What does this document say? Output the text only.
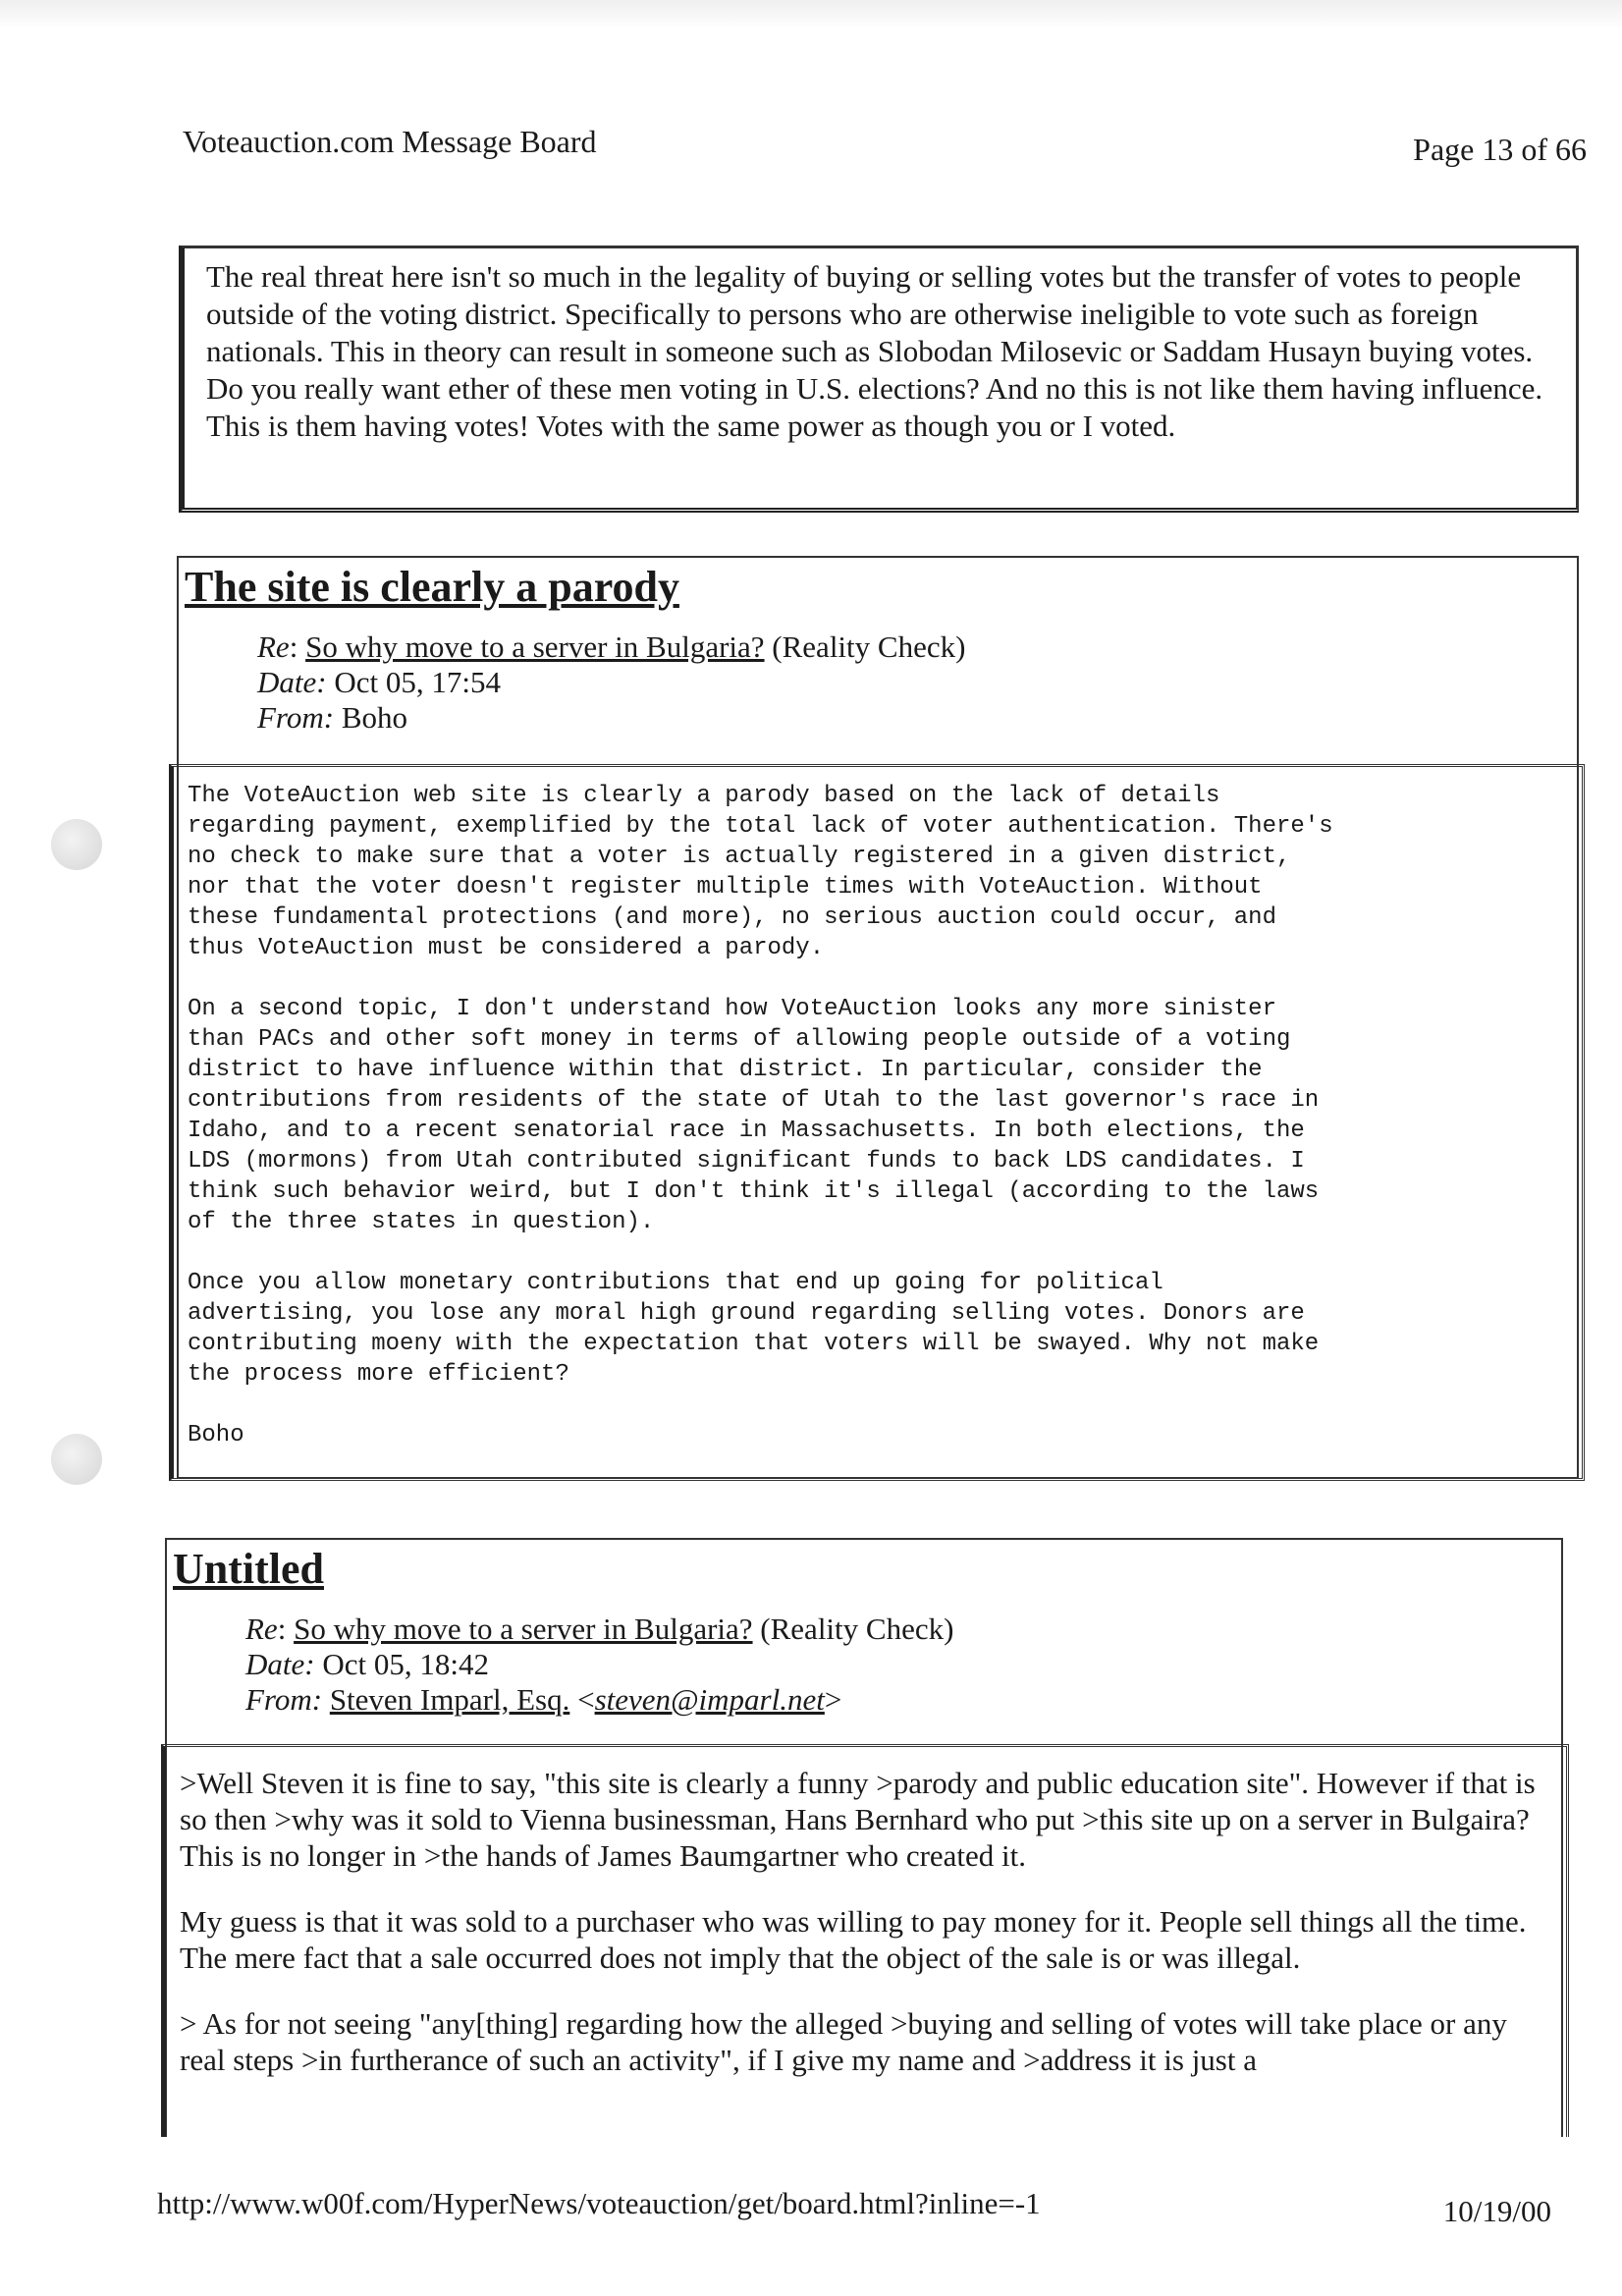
Voteauction.com Message Board	Page 13 of 66

The real threat here isn't so much in the legality of buying or selling votes but the transfer of votes to people outside of the voting district. Specifically to persons who are otherwise ineligible to vote such as foreign nationals. This in theory can result in someone such as Slobodan Milosevic or Saddam Husayn buying votes. Do you really want ether of these men voting in U.S. elections? And no this is not like them having influence. This is them having votes! Votes with the same power as though you or I voted.

The site is clearly a parody
Re: So why move to a server in Bulgaria? (Reality Check)
Date: Oct 05, 17:54
From: Boho

The VoteAuction web site is clearly a parody based on the lack of details
regarding payment, exemplified by the total lack of voter authentication. There's
no check to make sure that a voter is actually registered in a given district,
nor that the voter doesn't register multiple times with VoteAuction. Without
these fundamental protections (and more), no serious auction could occur, and
thus VoteAuction must be considered a parody.

On a second topic, I don't understand how VoteAuction looks any more sinister
than PACs and other soft money in terms of allowing people outside of a voting
district to have influence within that district. In particular, consider the
contributions from residents of the state of Utah to the last governor's race in
Idaho, and to a recent senatorial race in Massachusetts. In both elections, the
LDS (mormons) from Utah contributed significant funds to back LDS candidates. I
think such behavior weird, but I don't think it's illegal (according to the laws
of the three states in question).

Once you allow monetary contributions that end up going for political
advertising, you lose any moral high ground regarding selling votes. Donors are
contributing moeny with the expectation that voters will be swayed. Why not make
the process more efficient?

Boho

Untitled
Re: So why move to a server in Bulgaria? (Reality Check)
Date: Oct 05, 18:42
From: Steven Imparl, Esq. <steven@imparl.net>

>Well Steven it is fine to say, "this site is clearly a funny >parody and public education site". However if that is so then >why was it sold to Vienna businessman, Hans Bernhard who put >this site up on a server in Bulgaira? This is no longer in >the hands of James Baumgartner who created it.

My guess is that it was sold to a purchaser who was willing to pay money for it. People sell things all the time. The mere fact that a sale occurred does not imply that the object of the sale is or was illegal.

> As for not seeing "any[thing] regarding how the alleged >buying and selling of votes will take place or any real steps >in furtherance of such an activity", if I give my name and >address it is just a

http://www.w00f.com/HyperNews/voteauction/get/board.html?inline=-1	10/19/00
